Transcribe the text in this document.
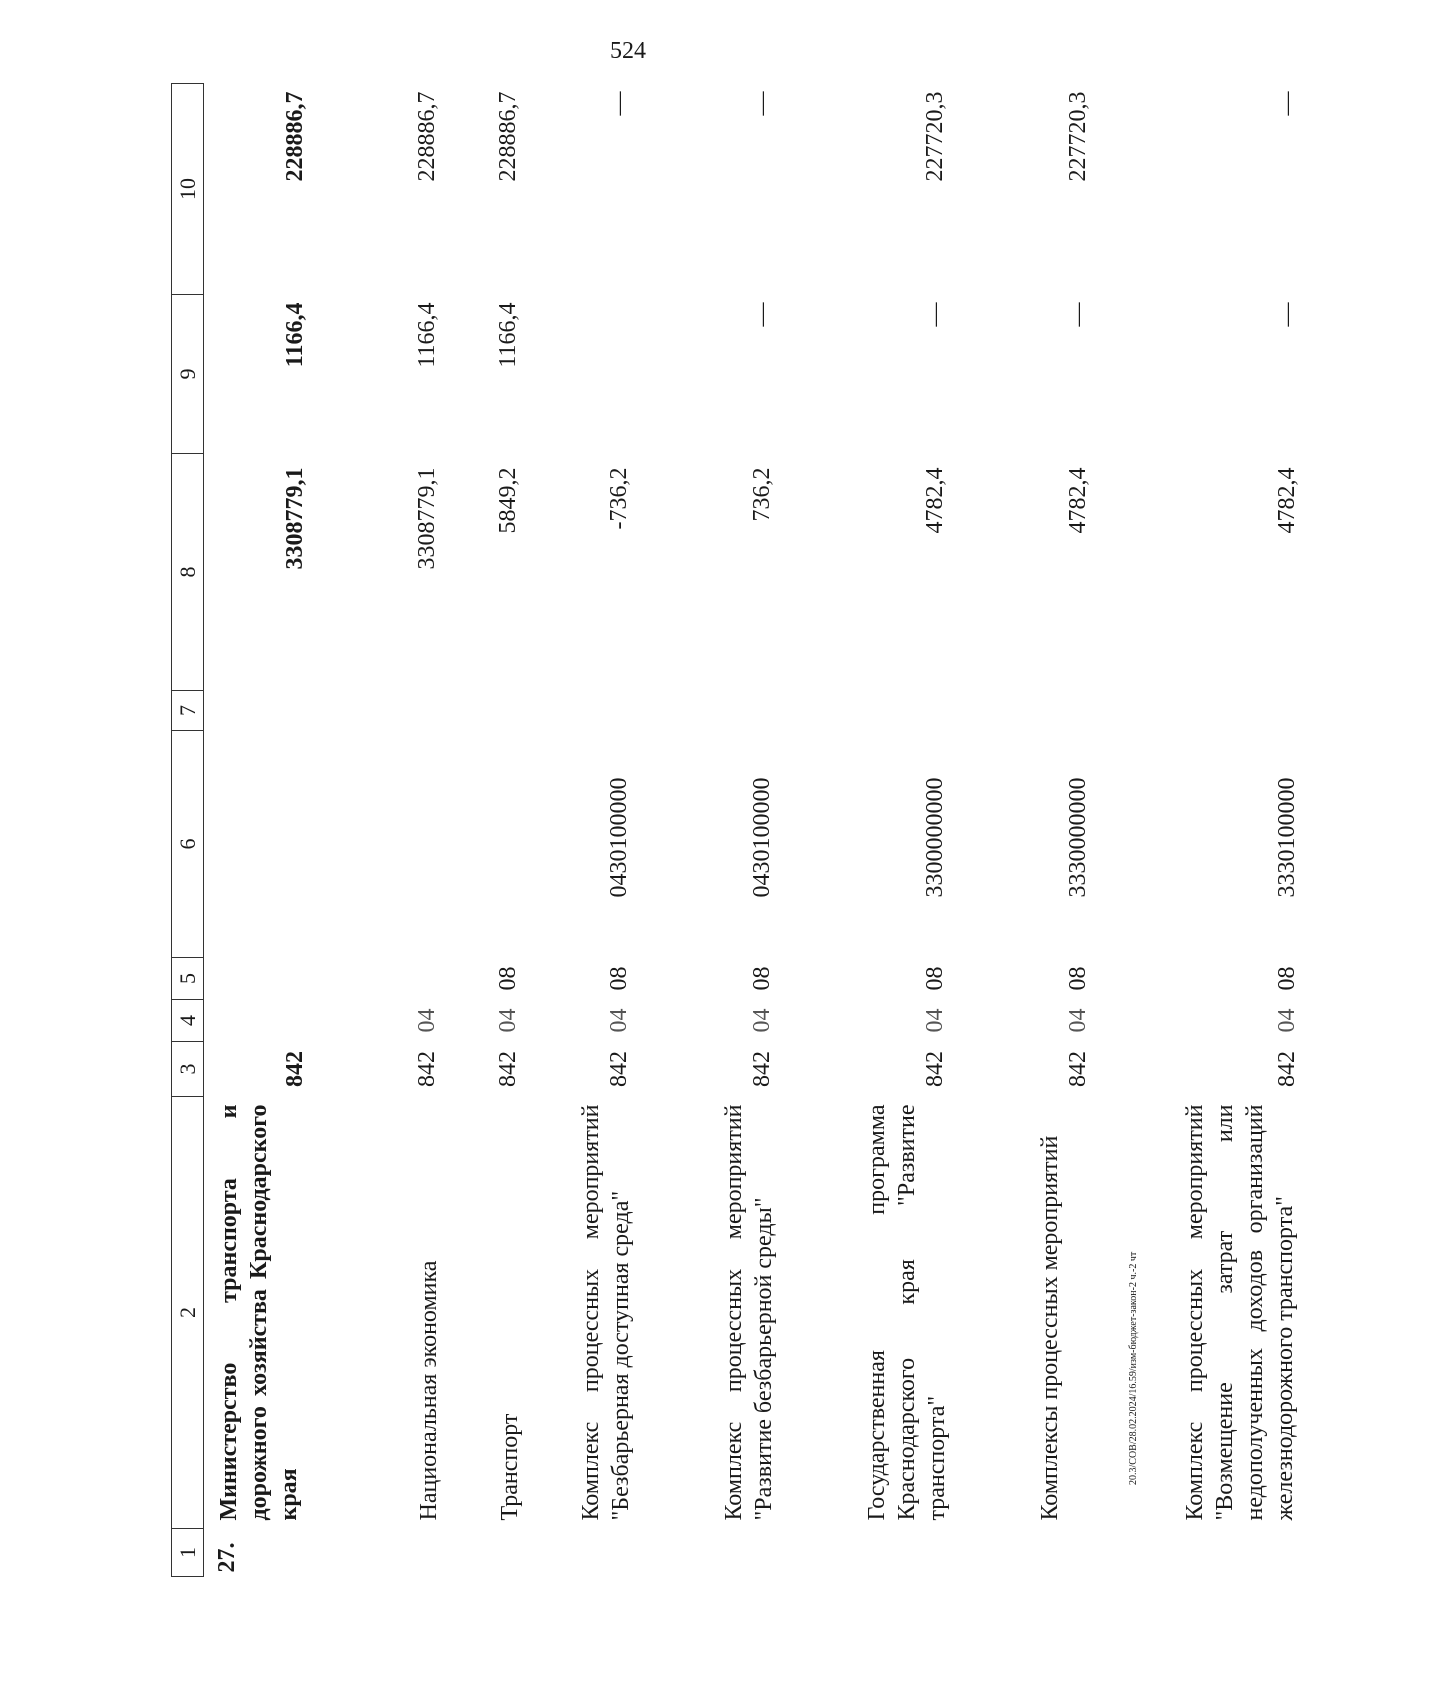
524
20.3/СОВ/28.02.2024/16.59/изм-бюджет-закон-2 ч.-2 чт
1	2	3	4	5	6	7	8	9	10
27.	Министерство транспорта и дорожного хозяйства Краснодарского края	842					3308779,1	1166,4	228886,7
	Национальная экономика	842	04				3308779,1	1166,4	228886,7
	Транспорт	842	04	08			5849,2	1166,4	228886,7
	Комплекс процессных мероприятий "Безбарьерная доступная среда"	842	04	08	0430100000		-736,2		—
	Комплекс процессных мероприятий "Развитие безбарьерной среды"	842	04	08	0430100000		736,2	—	—
	Государственная программа Краснодарского края "Развитие транспорта"	842	04	08	3300000000		4782,4	—	227720,3
	Комплексы процессных мероприятий	842	04	08	3330000000		4782,4	—	227720,3
	Комплекс процессных мероприятий "Возмещение затрат или недополученных доходов организаций железнодорожного транспорта"	842	04	08	3330100000		4782,4	—	—
